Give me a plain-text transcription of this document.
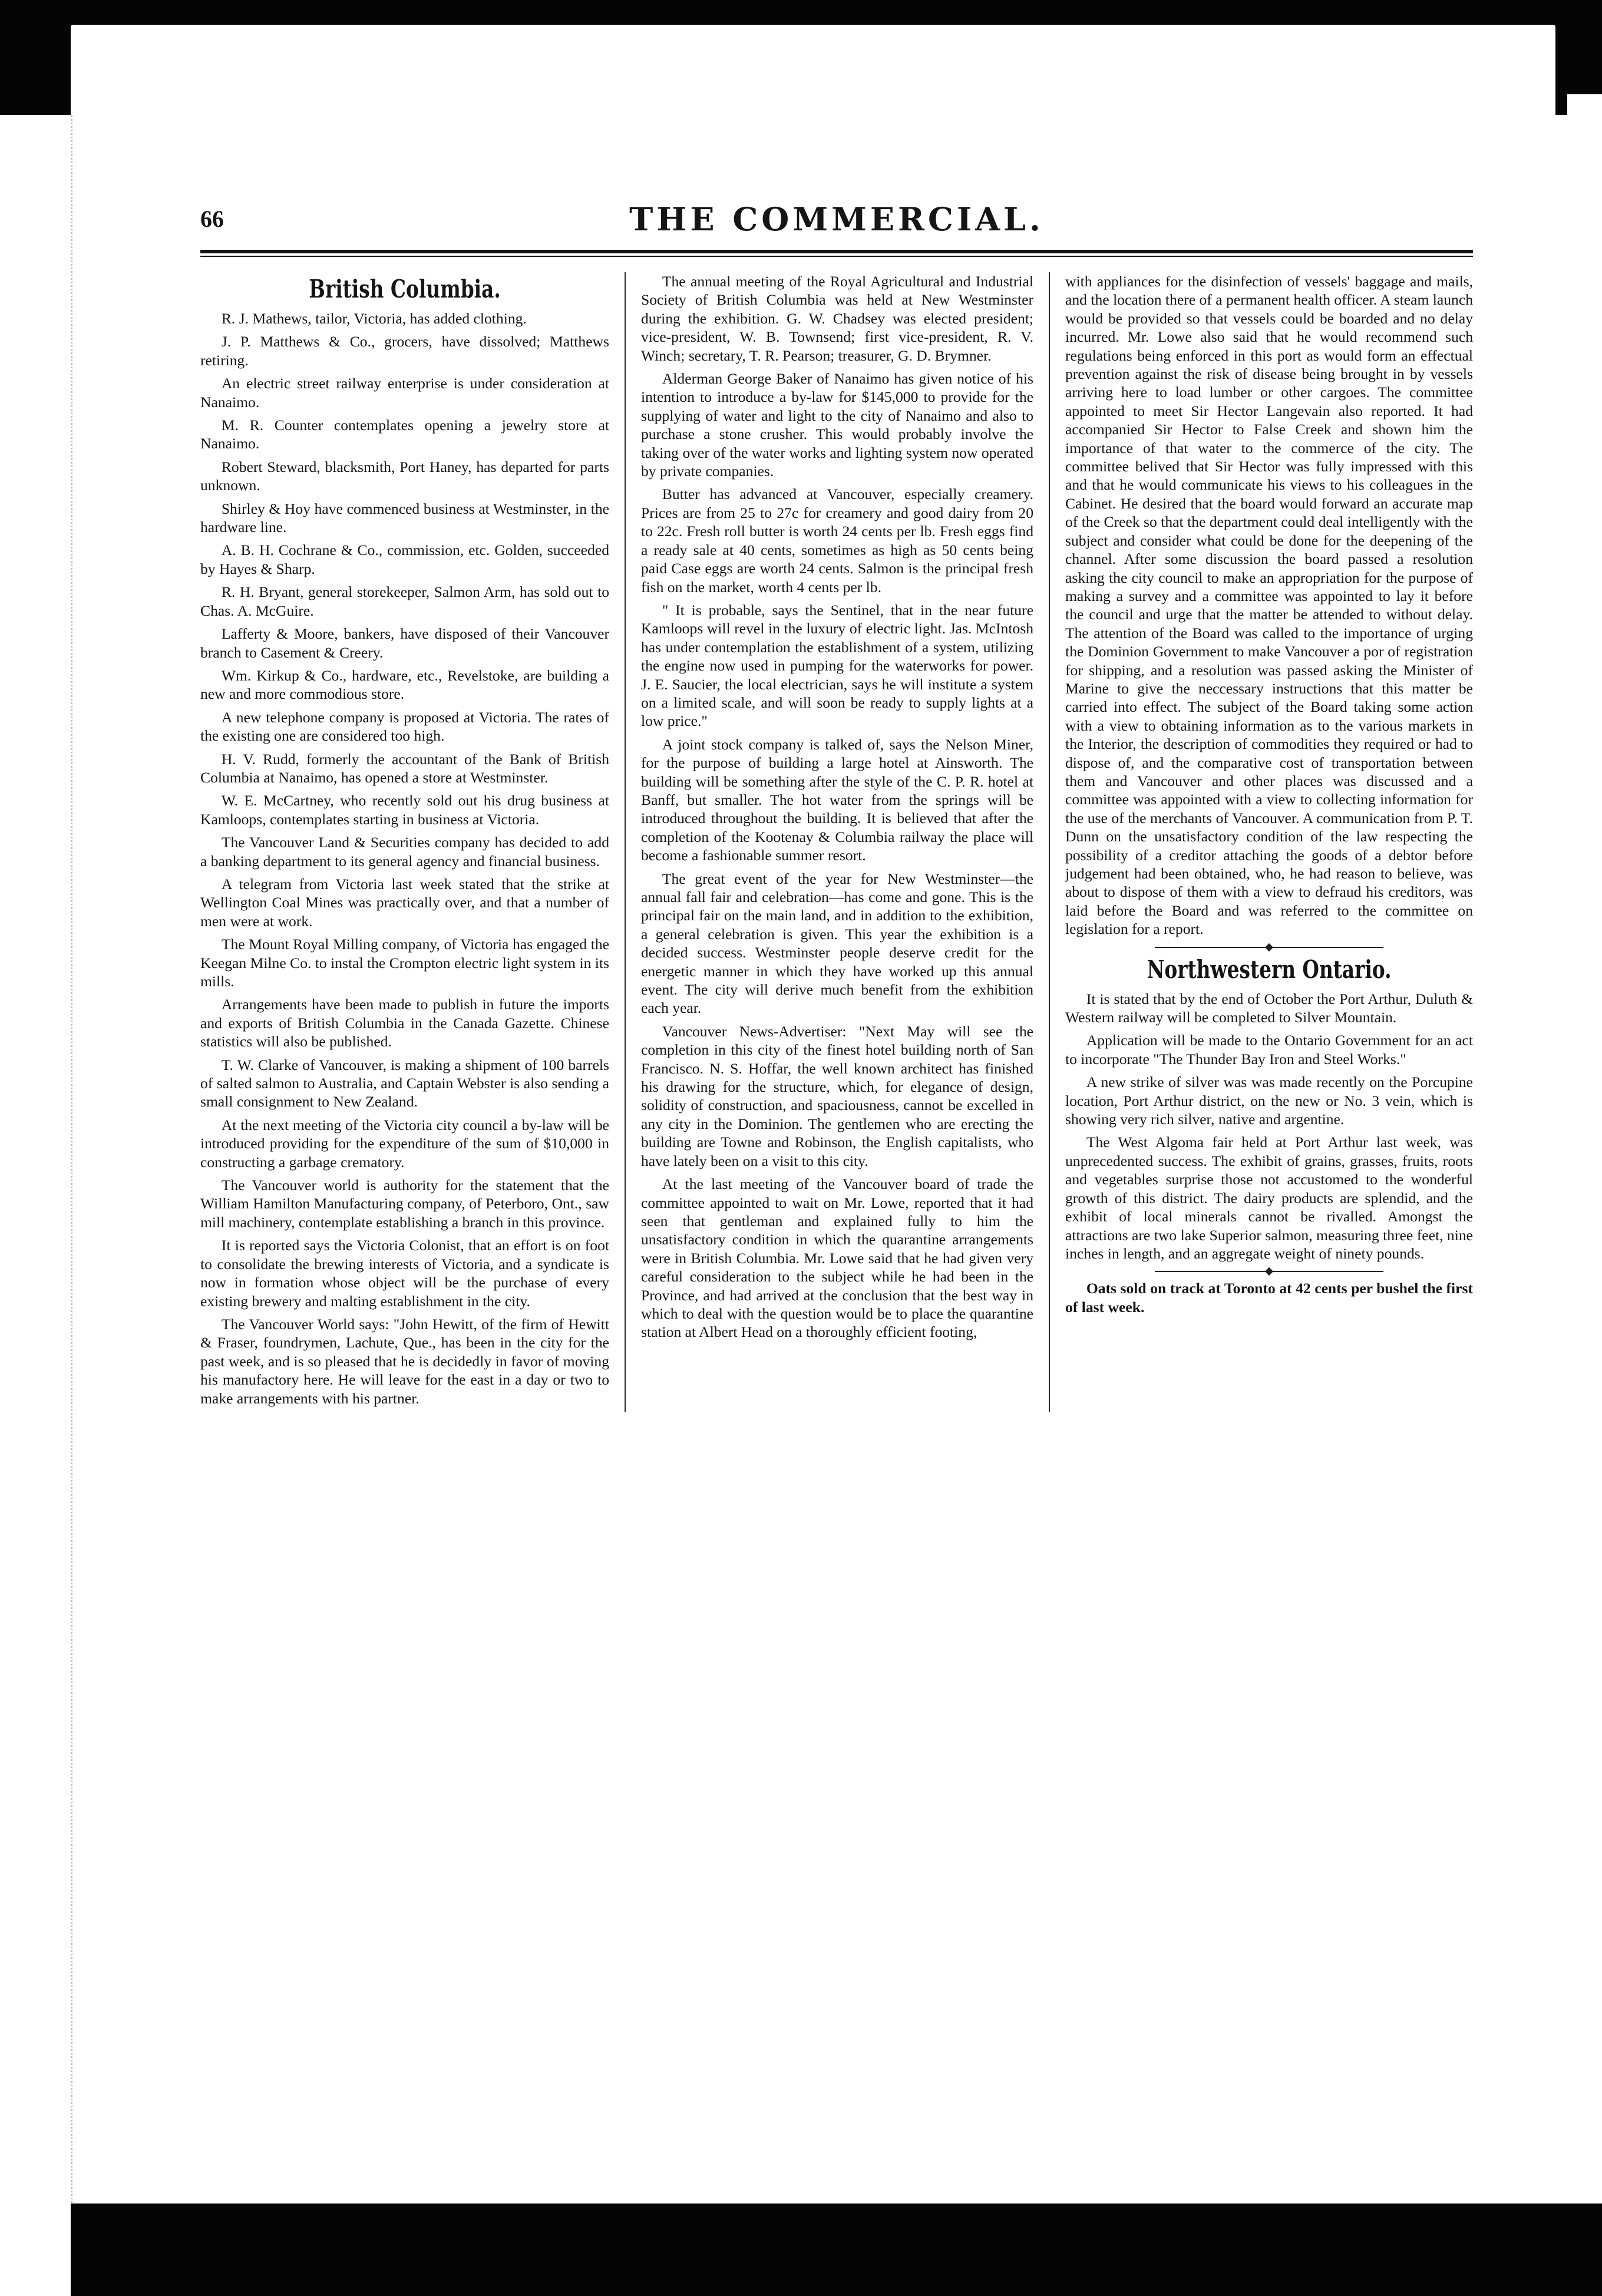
66	THE COMMERCIAL.
British Columbia.

R. J. Mathews, tailor, Victoria, has added clothing.

J. P. Matthews & Co., grocers, have dissolved; Matthews retiring.

An electric street railway enterprise is under consideration at Nanaimo.

M. R. Counter contemplates opening a jewelry store at Nanaimo.

Robert Steward, blacksmith, Port Haney, has departed for parts unknown.

Shirley & Hoy have commenced business at Westminster, in the hardware line.

A. B. H. Cochrane & Co., commission, etc. Golden, succeeded by Hayes & Sharp.

R. H. Bryant, general storekeeper, Salmon Arm, has sold out to Chas. A. McGuire.

Lafferty & Moore, bankers, have disposed of their Vancouver branch to Casement & Creery.

Wm. Kirkup & Co., hardware, etc., Revelstoke, are building a new and more commodious store.

A new telephone company is proposed at Victoria. The rates of the existing one are considered too high.

H. V. Rudd, formerly the accountant of the Bank of British Columbia at Nanaimo, has opened a store at Westminster.

W. E. McCartney, who recently sold out his drug business at Kamloops, contemplates starting in business at Victoria.

The Vancouver Land & Securities company has decided to add a banking department to its general agency and financial business.

A telegram from Victoria last week stated that the strike at Wellington Coal Mines was practically over, and that a number of men were at work.

The Mount Royal Milling company, of Victoria has engaged the Keegan Milne Co. to instal the Crompton electric light system in its mills.

Arrangements have been made to publish in future the imports and exports of British Columbia in the Canada Gazette. Chinese statistics will also be published.

T. W. Clarke of Vancouver, is making a shipment of 100 barrels of salted salmon to Australia, and Captain Webster is also sending a small consignment to New Zealand.

At the next meeting of the Victoria city council a by-law will be introduced providing for the expenditure of the sum of $10,000 in constructing a garbage crematory.

The Vancouver world is authority for the statement that the William Hamilton Manufacturing company, of Peterboro, Ont., saw mill machinery, contemplate establishing a branch in this province.

It is reported says the Victoria Colonist, that an effort is on foot to consolidate the brewing interests of Victoria, and a syndicate is now in formation whose object will be the purchase of every existing brewery and malting establishment in the city.

The Vancouver World says: "John Hewitt, of the firm of Hewitt & Fraser, foundrymen, Lachute, Que., has been in the city for the past week, and is so pleased that he is decidedly in favor of moving his manufactory here. He will leave for the east in a day or two to make arrangements with his partner.

The annual meeting of the Royal Agricultural and Industrial Society of British Columbia was held at New Westminster during the exhibition. G. W. Chadsey was elected president; vice-president, W. B. Townsend; first vice-president, R. V. Winch; secretary, T. R. Pearson; treasurer, G. D. Brymner.

Alderman George Baker of Nanaimo has given notice of his intention to introduce a by-law for $145,000 to provide for the supplying of water and light to the city of Nanaimo and also to purchase a stone crusher. This would probably involve the taking over of the water works and lighting system now operated by private companies.

Butter has advanced at Vancouver, especially creamery. Prices are from 25 to 27c for creamery and good dairy from 20 to 22c. Fresh roll butter is worth 24 cents per lb. Fresh eggs find a ready sale at 40 cents, sometimes as high as 50 cents being paid Case eggs are worth 24 cents. Salmon is the principal fresh fish on the market, worth 4 cents per lb.

" It is probable, says the Sentinel, that in the near future Kamloops will revel in the luxury of electric light. Jas. McIntosh has under contemplation the establishment of a system, utilizing the engine now used in pumping for the waterworks for power. J. E. Saucier, the local electrician, says he will institute a system on a limited scale, and will soon be ready to supply lights at a low price."

A joint stock company is talked of, says the Nelson Miner, for the purpose of building a large hotel at Ainsworth. The building will be something after the style of the C. P. R. hotel at Banff, but smaller. The hot water from the springs will be introduced throughout the building. It is believed that after the completion of the Kootenay & Columbia railway the place will become a fashionable summer resort.

The great event of the year for New Westminster—the annual fall fair and celebration—has come and gone. This is the principal fair on the main land, and in addition to the exhibition, a general celebration is given. This year the exhibition is a decided success. Westminster people deserve credit for the energetic manner in which they have worked up this annual event. The city will derive much benefit from the exhibition each year.

Vancouver News-Advertiser: "Next May will see the completion in this city of the finest hotel building north of San Francisco. N. S. Hoffar, the well known architect has finished his drawing for the structure, which, for elegance of design, solidity of construction, and spaciousness, cannot be excelled in any city in the Dominion. The gentlemen who are erecting the building are Towne and Robinson, the English capitalists, who have lately been on a visit to this city.

At the last meeting of the Vancouver board of trade the committee appointed to wait on Mr. Lowe, reported that it had seen that gentleman and explained fully to him the unsatisfactory condition in which the quarantine arrangements were in British Columbia. Mr. Lowe said that he had given very careful consideration to the subject while he had been in the Province, and had arrived at the conclusion that the best way in which to deal with the question would be to place the quarantine station at Albert Head on a thoroughly efficient footing,

with appliances for the disinfection of vessels' baggage and mails, and the location there of a permanent health officer. A steam launch would be provided so that vessels could be boarded and no delay incurred. Mr. Lowe also said that he would recommend such regulations being enforced in this port as would form an effectual prevention against the risk of disease being brought in by vessels arriving here to load lumber or other cargoes. The committee appointed to meet Sir Hector Langevain also reported. It had accompanied Sir Hector to False Creek and shown him the importance of that water to the commerce of the city. The committee belived that Sir Hector was fully impressed with this and that he would communicate his views to his colleagues in the Cabinet. He desired that the board would forward an accurate map of the Creek so that the department could deal intelligently with the subject and consider what could be done for the deepening of the channel. After some discussion the board passed a resolution asking the city council to make an appropriation for the purpose of making a survey and a committee was appointed to lay it before the council and urge that the matter be attended to without delay. The attention of the Board was called to the importance of urging the Dominion Government to make Vancouver a por of registration for shipping, and a resolution was passed asking the Minister of Marine to give the neccessary instructions that this matter be carried into effect. The subject of the Board taking some action with a view to obtaining information as to the various markets in the Interior, the description of commodities they required or had to dispose of, and the comparative cost of transportation between them and Vancouver and other places was discussed and a committee was appointed with a view to collecting information for the use of the merchants of Vancouver. A communication from P. T. Dunn on the unsatisfactory condition of the law respecting the possibility of a creditor attaching the goods of a debtor before judgement had been obtained, who, he had reason to believe, was about to dispose of them with a view to defraud his creditors, was laid before the Board and was referred to the committee on legislation for a report.

Northwestern Ontario.

It is stated that by the end of October the Port Arthur, Duluth & Western railway will be completed to Silver Mountain.

Application will be made to the Ontario Government for an act to incorporate "The Thunder Bay Iron and Steel Works."

A new strike of silver was was made recently on the Porcupine location, Port Arthur district, on the new or No. 3 vein, which is showing very rich silver, native and argentine.

The West Algoma fair held at Port Arthur last week, was unprecedented success. The exhibit of grains, grasses, fruits, roots and vegetables surprise those not accustomed to the wonderful growth of this district. The dairy products are splendid, and the exhibit of local minerals cannot be rivalled. Amongst the attractions are two lake Superior salmon, measuring three feet, nine inches in length, and an aggregate weight of ninety pounds.

Oats sold on track at Toronto at 42 cents per bushel the first of last week.
